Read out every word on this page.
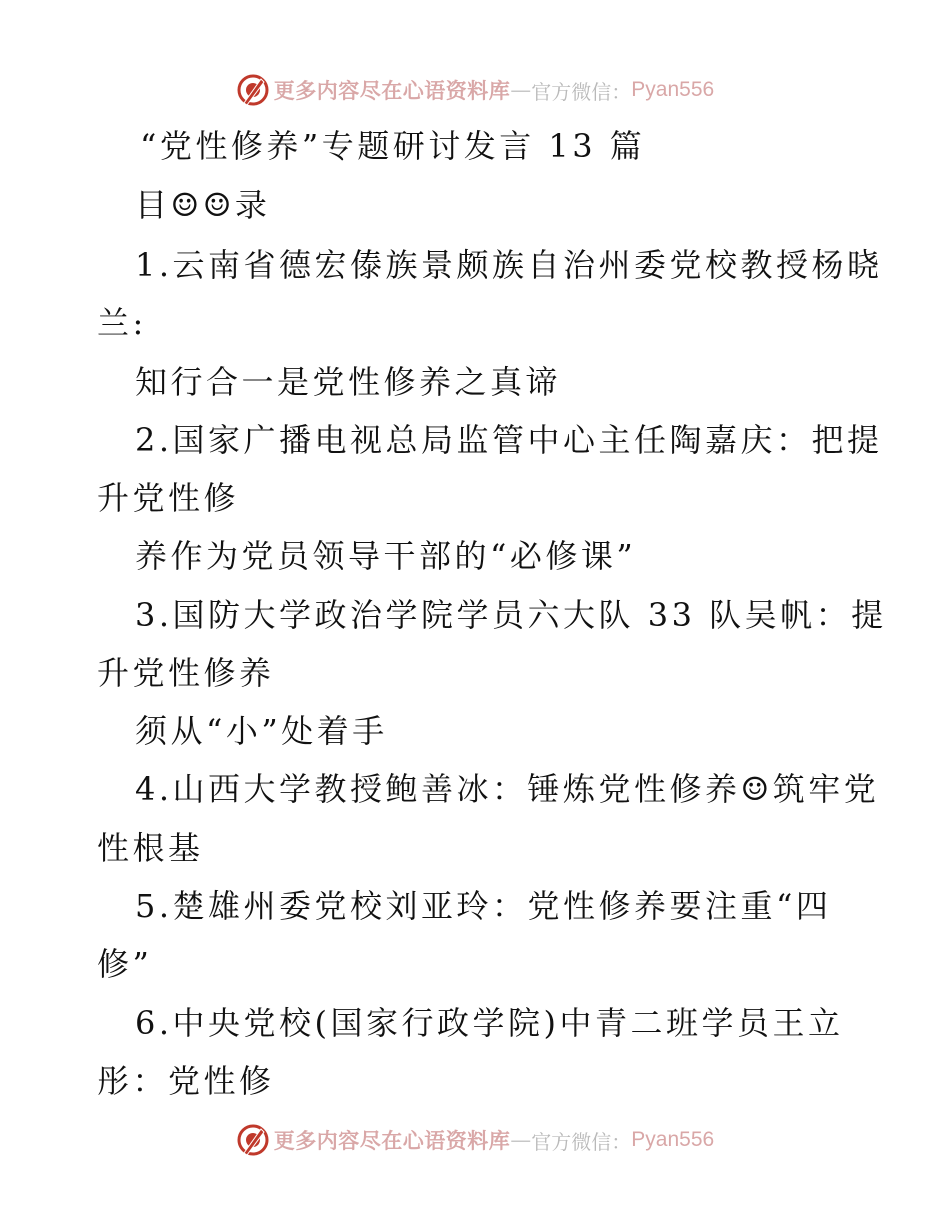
更多内容尽在心语资料库 — 官方微信： Pyan556
“党性修养”专题研讨发言 13 篇
目☺☺录
1.云南省德宏傣族景颇族自治州委党校教授杨晓
兰:
知行合一是党性修养之真谛
2.国家广播电视总局监管中心主任陶嘉庆：把提
升党性修
养作为党员领导干部的“必修课”
3.国防大学政治学院学员六大队 33 队吴帆：提
升党性修养
须从“小”处着手
4.山西大学教授鲍善冰：锤炼党性修养☺筑牢党
性根基
5.楚雄州委党校刘亚玲：党性修养要注重“四
修”
6.中央党校(国家行政学院)中青二班学员王立
彤：党性修
更多内容尽在心语资料库 — 官方微信： Pyan556
